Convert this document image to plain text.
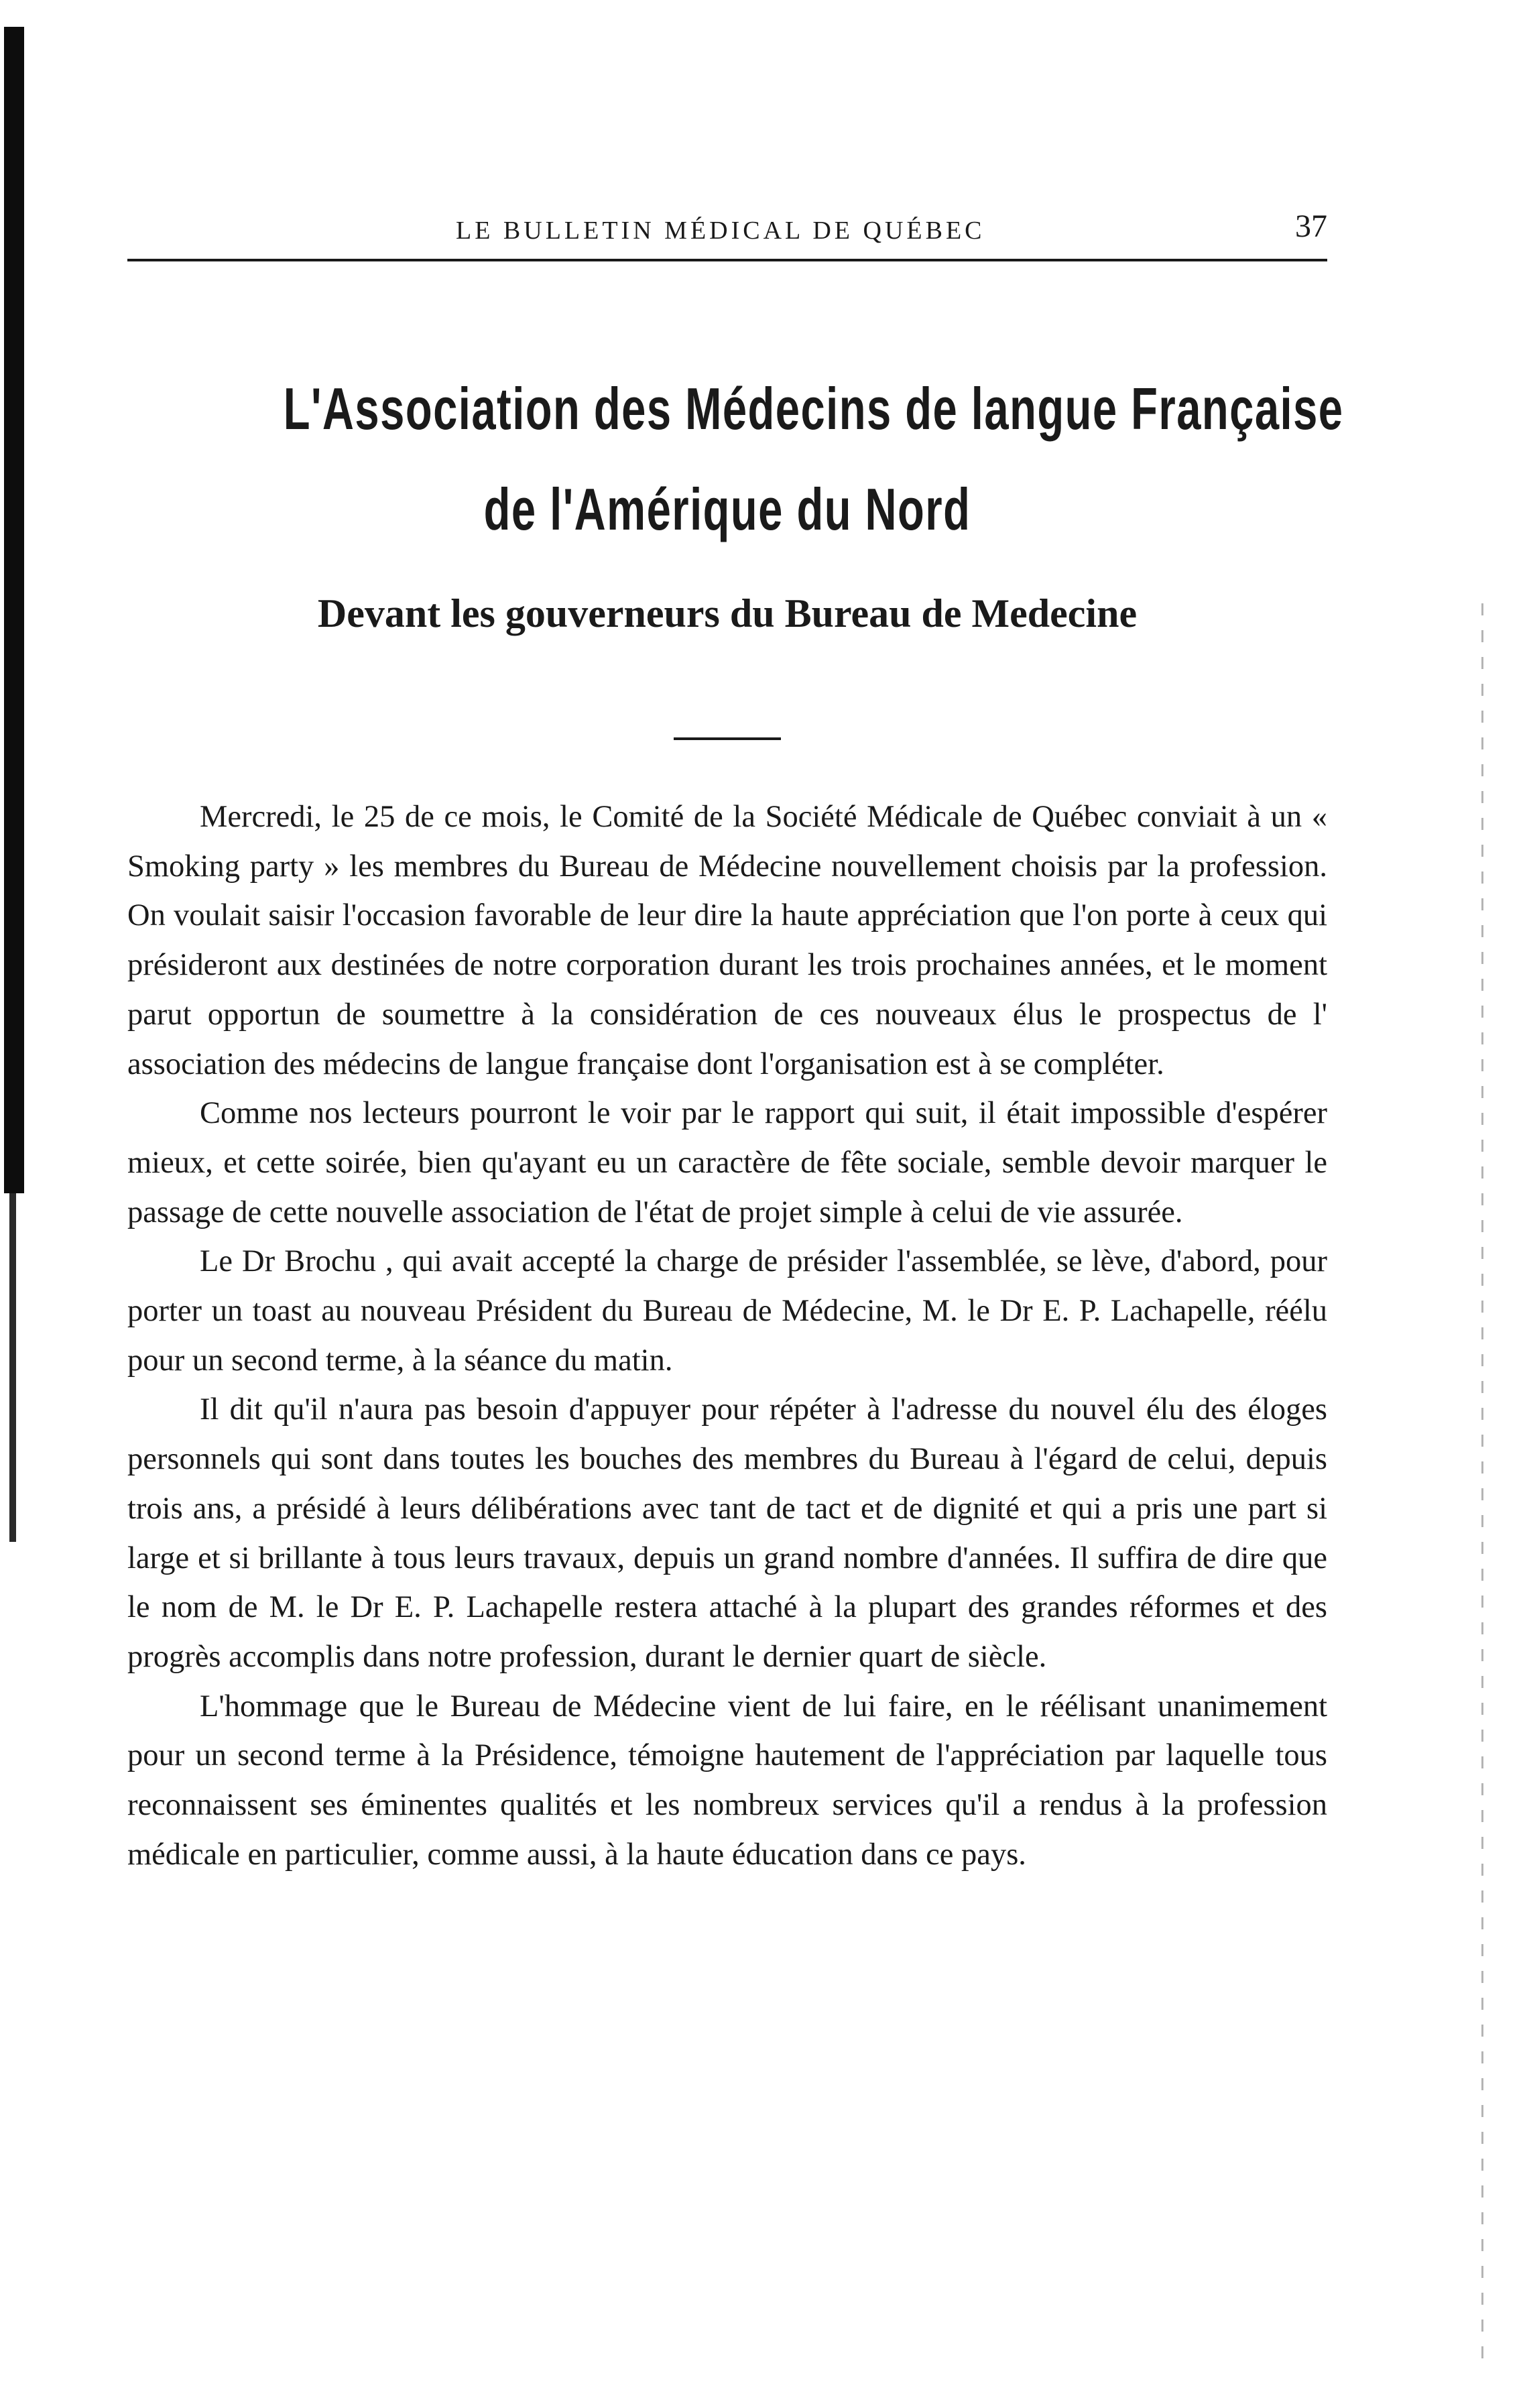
LE BULLETIN MÉDICAL DE QUÉBEC	37
L'Association des Médecins de langue Française
de l'Amérique du Nord
Devant les gouverneurs du Bureau de Medecine

Mercredi, le 25 de ce mois, le Comité de la Société Médicale de Québec conviait à un « Smoking party » les membres du Bureau de Médecine nouvellement choisis par la profession. On voulait saisir l'occasion favorable de leur dire la haute appréciation que l'on porte à ceux qui présideront aux destinées de notre corporation durant les trois prochaines années, et le moment parut opportun de soumettre à la considération de ces nouveaux élus le prospectus de l' association des médecins de langue française dont l'organisation est à se compléter.

Comme nos lecteurs pourront le voir par le rapport qui suit, il était impossible d'espérer mieux, et cette soirée, bien qu'ayant eu un caractère de fête sociale, semble devoir marquer le passage de cette nouvelle association de l'état de projet simple à celui de vie assurée.

Le Dr Brochu , qui avait accepté la charge de présider l'assemblée, se lève, d'abord, pour porter un toast au nouveau Président du Bureau de Médecine, M. le Dr E. P. Lachapelle, réélu pour un second terme, à la séance du matin.

Il dit qu'il n'aura pas besoin d'appuyer pour répéter à l'adresse du nouvel élu des éloges personnels qui sont dans toutes les bouches des membres du Bureau à l'égard de celui, depuis trois ans, a présidé à leurs délibérations avec tant de tact et de dignité et qui a pris une part si large et si brillante à tous leurs travaux, depuis un grand nombre d'années. Il suffira de dire que le nom de M. le Dr E. P. Lachapelle restera attaché à la plupart des grandes réformes et des progrès accomplis dans notre profession, durant le dernier quart de siècle.

L'hommage que le Bureau de Médecine vient de lui faire, en le réélisant unanimement pour un second terme à la Présidence, témoigne hautement de l'appréciation par laquelle tous reconnaissent ses éminentes qualités et les nombreux services qu'il a rendus à la profession médicale en particulier, comme aussi, à la haute éducation dans ce pays.
